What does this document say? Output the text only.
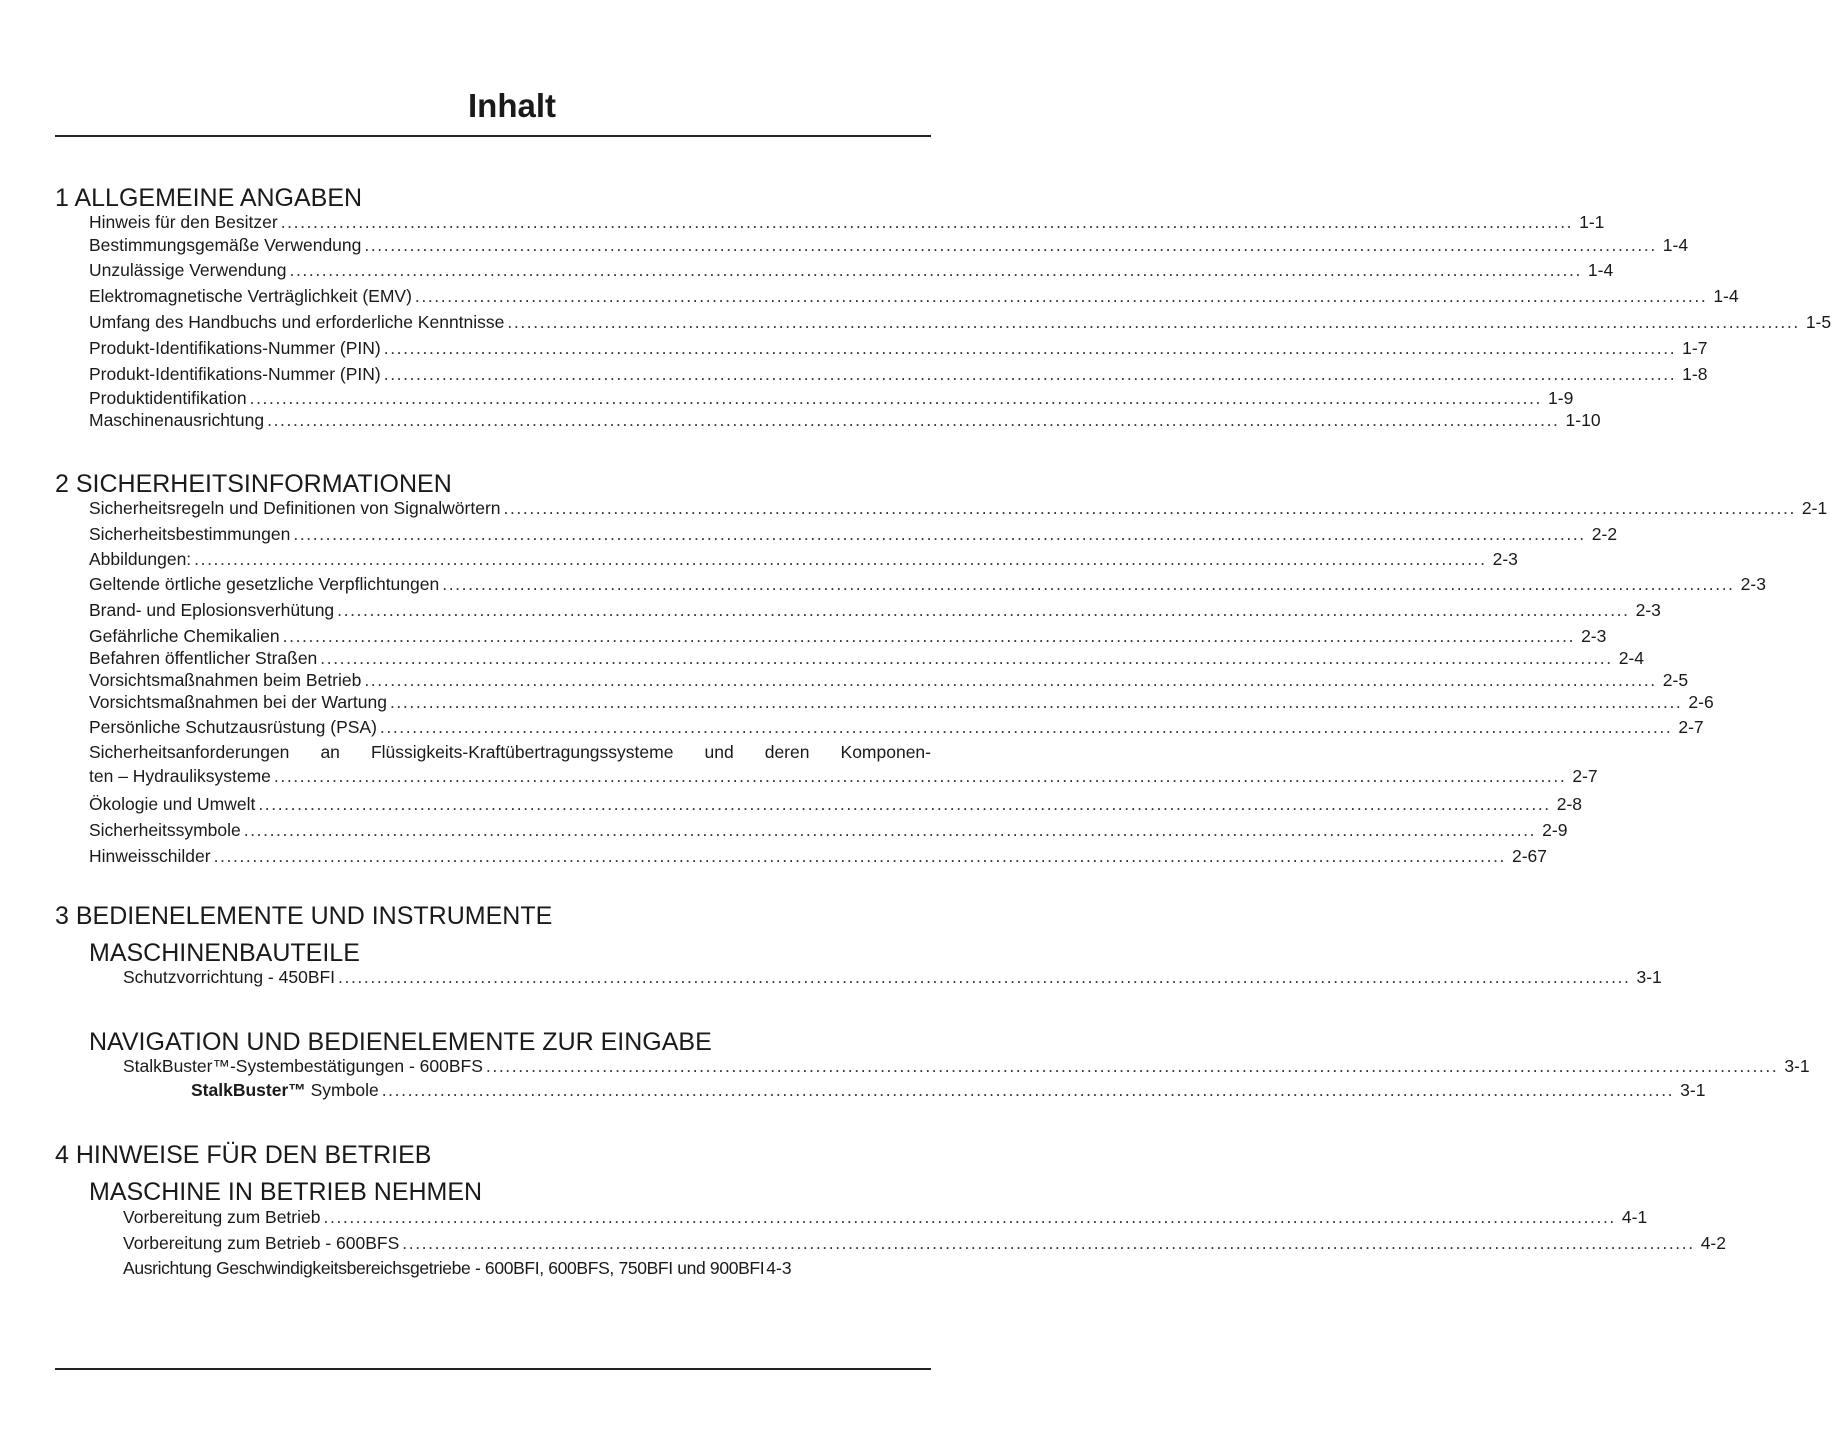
Inhalt
1 ALLGEMEINE ANGABEN
Hinweis für den Besitzer ........................................................................................................................................................................................................ 1-1
Bestimmungsgemäße Verwendung ........................................................................................................................................................................................................ 1-4
Unzulässige Verwendung ........................................................................................................................................................................................................ 1-4
Elektromagnetische Verträglichkeit (EMV) ........................................................................................................................................................................................................ 1-4
Umfang des Handbuchs und erforderliche Kenntnisse ........................................................................................................................................................................................................ 1-5
Produkt-Identifikations-Nummer (PIN) ........................................................................................................................................................................................................ 1-7
Produkt-Identifikations-Nummer (PIN) ........................................................................................................................................................................................................ 1-8
Produktidentifikation ........................................................................................................................................................................................................ 1-9
Maschinenausrichtung ........................................................................................................................................................................................................ 1-10
2 SICHERHEITSINFORMATIONEN
Sicherheitsregeln und Definitionen von Signalwörtern ........................................................................................................................................................................................................ 2-1
Sicherheitsbestimmungen ........................................................................................................................................................................................................ 2-2
Abbildungen: ........................................................................................................................................................................................................ 2-3
Geltende örtliche gesetzliche Verpflichtungen ........................................................................................................................................................................................................ 2-3
Brand- und Eplosionsverhütung ........................................................................................................................................................................................................ 2-3
Gefährliche Chemikalien ........................................................................................................................................................................................................ 2-3
Befahren öffentlicher Straßen ........................................................................................................................................................................................................ 2-4
Vorsichtsmaßnahmen beim Betrieb ........................................................................................................................................................................................................ 2-5
Vorsichtsmaßnahmen bei der Wartung ........................................................................................................................................................................................................ 2-6
Persönliche Schutzausrüstung (PSA) ........................................................................................................................................................................................................ 2-7
Sicherheitsanforderungen an Flüssigkeits-Kraftübertragungssysteme und deren Komponen-
ten – Hydrauliksysteme ........................................................................................................................................................................................................ 2-7
Ökologie und Umwelt ........................................................................................................................................................................................................ 2-8
Sicherheitssymbole ........................................................................................................................................................................................................ 2-9
Hinweisschilder ........................................................................................................................................................................................................ 2-67
3 BEDIENELEMENTE UND INSTRUMENTE
MASCHINENBAUTEILE
Schutzvorrichtung - 450BFI ........................................................................................................................................................................................................ 3-1
NAVIGATION UND BEDIENELEMENTE ZUR EINGABE
StalkBuster™-Systembestätigungen - 600BFS ........................................................................................................................................................................................................ 3-1
StalkBuster™ Symbole ........................................................................................................................................................................................................ 3-1
4 HINWEISE FÜR DEN BETRIEB
MASCHINE IN BETRIEB NEHMEN
Vorbereitung zum Betrieb ........................................................................................................................................................................................................ 4-1
Vorbereitung zum Betrieb - 600BFS ........................................................................................................................................................................................................ 4-2
Ausrichtung Geschwindigkeitsbereichsgetriebe - 600BFI, 600BFS, 750BFI und 900BFI 4-3
